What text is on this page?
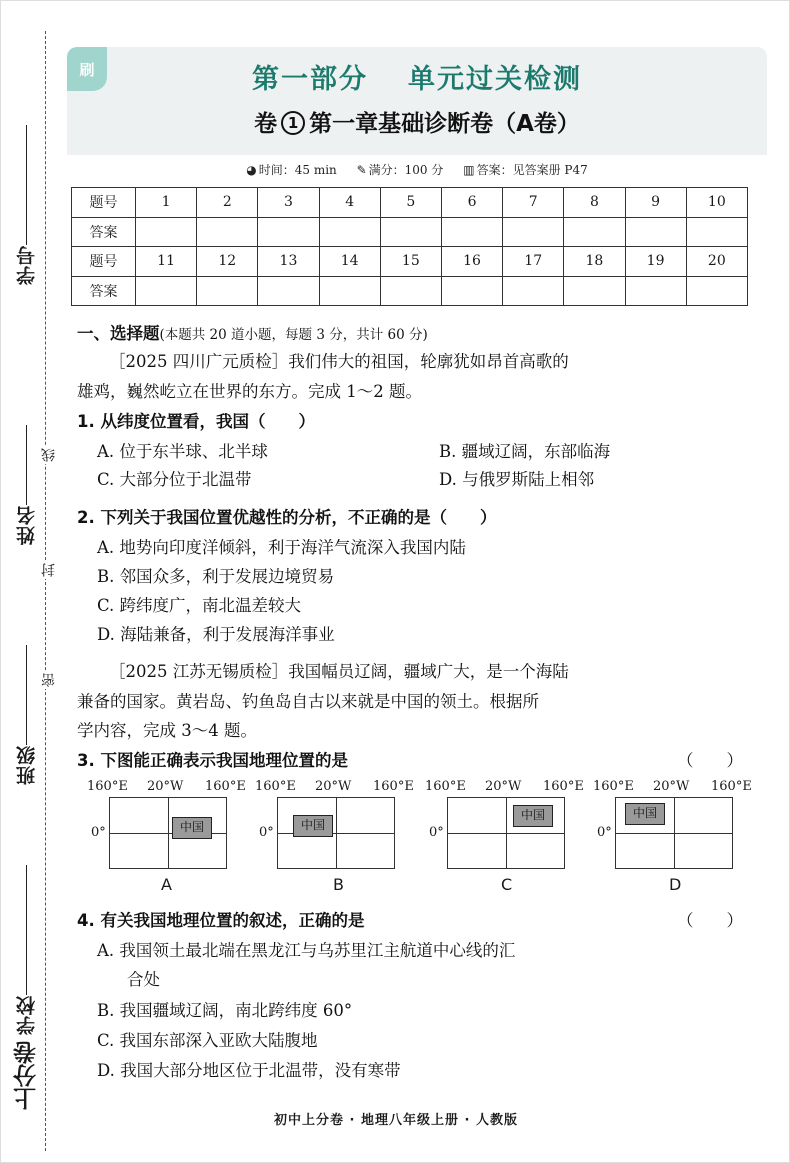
学号
姓名
班级
学校
上分卷
线
封
密
刷	第一部分 单元过关检测
卷 1 第一章基础诊断卷（A卷）
◕ 时间：45 min ✎ 满分：100 分 ▥ 答案：见答案册 P47
题号	1	2	3	4	5	6	7	8	9	10
答案										
题号	11	12	13	14	15	16	17	18	19	20
答案										
一、选择题(本题共 20 道小题，每题 3 分，共计 60 分)
［2025 四川广元质检］我们伟大的祖国，轮廓犹如昂首高歌的
雄鸡，巍然屹立在世界的东方。完成 1～2 题。
1. 从纬度位置看，我国（　　）
A. 位于东半球、北半球	B. 疆域辽阔，东部临海
C. 大部分位于北温带	D. 与俄罗斯陆上相邻
2. 下列关于我国位置优越性的分析，不正确的是（　　）
A. 地势向印度洋倾斜，利于海洋气流深入我国内陆
B. 邻国众多，利于发展边境贸易
C. 跨纬度广，南北温差较大
D. 海陆兼备，利于发展海洋事业
［2025 江苏无锡质检］我国幅员辽阔，疆域广大，是一个海陆
兼备的国家。黄岩岛、钓鱼岛自古以来就是中国的领土。根据所
学内容，完成 3～4 题。
3. 下图能正确表示我国地理位置的是	（　　）
160°E 20°W 160°E
0°	中国
A
160°E 20°W 160°E
0°	中国
B
160°E 20°W 160°E
0°
中国
C
160°E 20°W 160°E
0°
中国
D
4. 有关我国地理位置的叙述，正确的是	（　　）
A. 我国领土最北端在黑龙江与乌苏里江主航道中心线的汇
合处
B. 我国疆域辽阔，南北跨纬度 60°
C. 我国东部深入亚欧大陆腹地
D. 我国大部分地区位于北温带，没有寒带
初中上分卷 · 地理八年级上册 · 人教版
